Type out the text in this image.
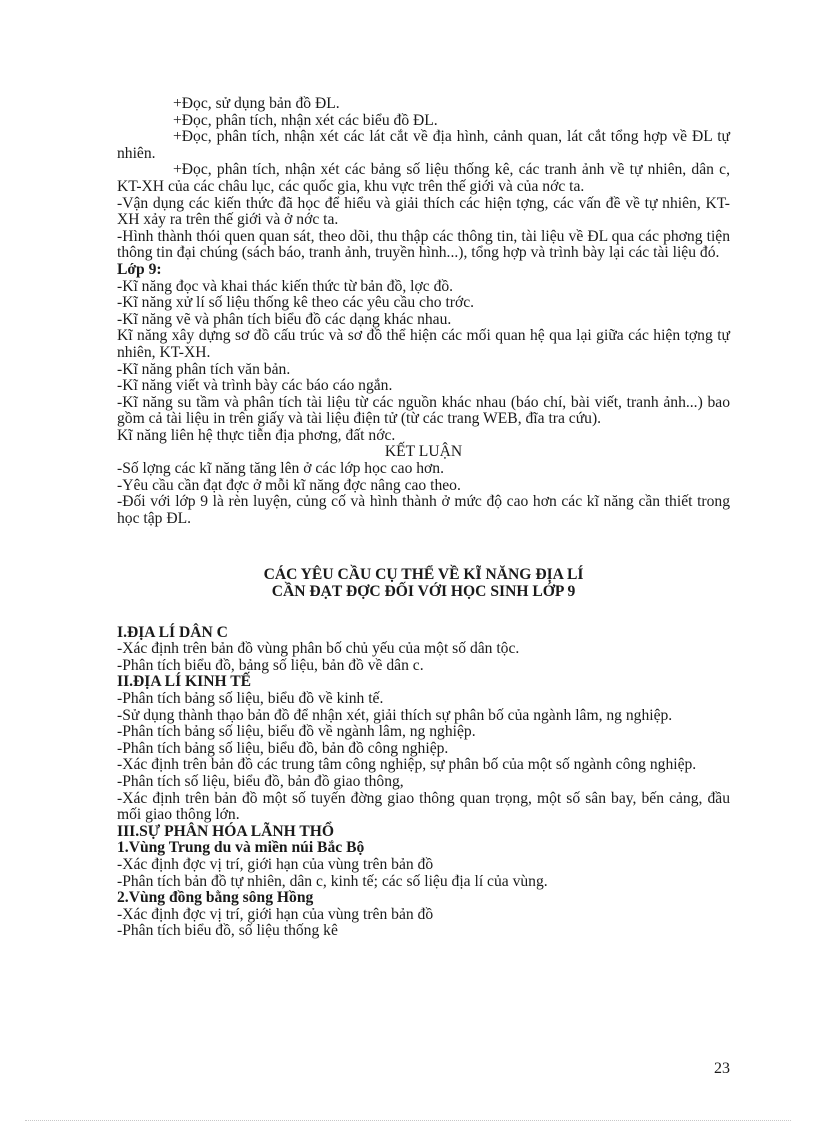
+Đọc, sử dụng bản đồ ĐL.

+Đọc, phân tích, nhận xét các biểu đồ ĐL.

+Đọc, phân tích, nhận xét các lát cắt về địa hình, cảnh quan, lát cắt tổng hợp về ĐL tự nhiên.

+Đọc, phân tích, nhận xét các bảng số liệu thống kê, các tranh ảnh về tự nhiên, dân c, KT-XH của các châu lục, các quốc gia, khu vực trên thế giới và của nớc ta.

-Vận dụng các kiến thức đã học để hiểu và giải thích các hiện tợng, các vấn đề về tự nhiên, KT-XH xảy ra trên thế giới và ở nớc ta.

-Hình thành thói quen quan sát, theo dõi, thu thập các thông tin, tài liệu về ĐL qua các phơng tiện thông tin đại chúng (sách báo, tranh ảnh, truyền hình...), tổng hợp và trình bày lại các tài liệu đó.

Lớp 9:

-Kĩ năng đọc và khai thác kiến thức từ bản đồ, lợc đồ.

-Kĩ năng xử lí số liệu thống kê theo các yêu cầu cho trớc.

-Kĩ năng vẽ và phân tích biểu đồ các dạng khác nhau.

Kĩ năng xây dựng sơ đồ cấu trúc và sơ đồ thể hiện các mối quan hệ qua lại giữa các hiện tợng tự nhiên, KT-XH.

-Kĩ năng phân tích văn bản.

-Kĩ năng viết và trình bày các báo cáo ngắn.

-Kĩ năng su tầm và phân tích tài liệu từ các nguồn khác nhau (báo chí, bài viết, tranh ảnh...) bao gồm cả tài liệu in trên giấy và tài liệu điện tử (từ các trang WEB, đĩa tra cứu).

Kĩ năng liên hệ thực tiễn địa phơng, đất nớc.

KẾT LUẬN

-Số lợng các kĩ năng tăng lên ở các lớp học cao hơn.

-Yêu cầu cần đạt đợc ở mỗi kĩ năng đợc nâng cao theo.

-Đối với lớp 9 là rèn luyện, củng cố và hình thành ở mức độ cao hơn các kĩ năng cần thiết trong học tập ĐL.

CÁC YÊU CẦU CỤ THỂ VỀ KĨ NĂNG ĐỊA LÍ
CẦN ĐẠT ĐỢC ĐỐI VỚI HỌC SINH LỚP 9
I.ĐỊA LÍ DÂN C

-Xác định trên bản đồ vùng phân bố chủ yếu của một số dân tộc.

-Phân tích biểu đồ, bảng số liệu, bản đồ về dân c.

II.ĐỊA LÍ KINH TẾ

-Phân tích bảng số liệu, biểu đồ về kinh tế.

-Sử dụng thành thạo bản đồ để nhận xét, giải thích sự phân bố của ngành lâm, ng nghiệp.

-Phân tích bảng số liệu, biểu đồ về ngành lâm, ng nghiệp.

-Phân tích bảng số liệu, biểu đồ, bản đồ công nghiệp.

-Xác định trên bản đồ các trung tâm công nghiệp, sự phân bố của một số ngành công nghiệp.

-Phân tích số liệu, biểu đồ, bản đồ giao thông,

-Xác định trên bản đồ một số tuyến đờng giao thông quan trọng, một số sân bay, bến cảng, đầu mối giao thông lớn.

III.SỰ PHÂN HÓA LÃNH THỔ
1.Vùng Trung du và miền núi Bắc Bộ

-Xác định đợc vị trí, giới hạn của vùng trên bản đồ

-Phân tích bản đồ tự nhiên, dân c, kinh tế; các số liệu địa lí của vùng.

2.Vùng đồng bằng sông Hồng

-Xác định đợc vị trí, giới hạn của vùng trên bản đồ

-Phân tích biểu đồ, số liệu thống kê

23
